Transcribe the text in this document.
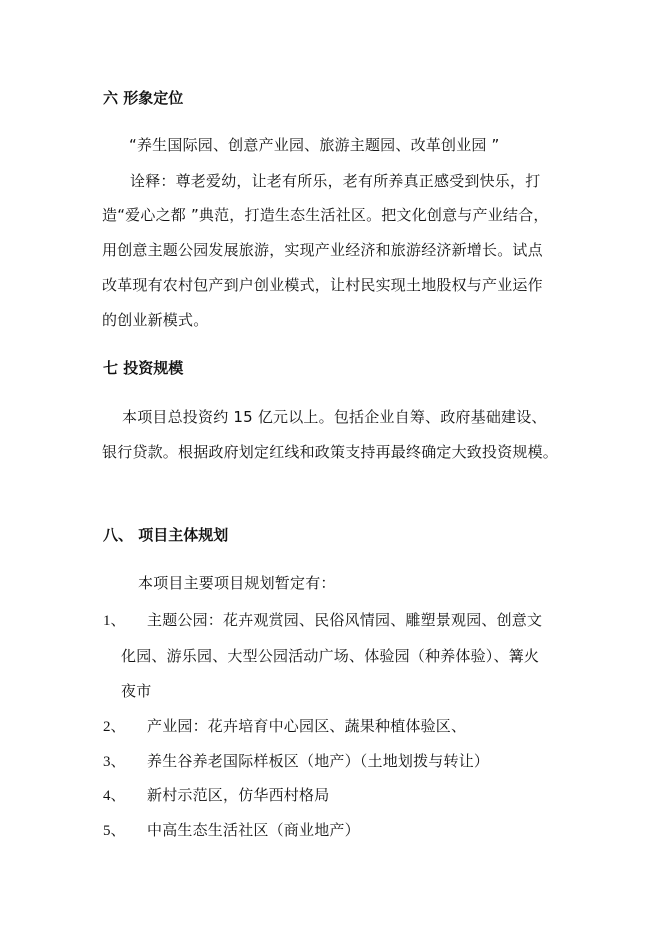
六 形象定位
“养生国际园、创意产业园、旅游主题园、改革创业园 ”
诠释：尊老爱幼，让老有所乐，老有所养真正感受到快乐，打
造“爱心之都 ”典范，打造生态生活社区。把文化创意与产业结合，
用创意主题公园发展旅游，实现产业经济和旅游经济新增长。试点
改革现有农村包产到户创业模式，让村民实现土地股权与产业运作
的创业新模式。
七 投资规模
本项目总投资约 15 亿元以上。包括企业自筹、政府基础建设、
银行贷款。根据政府划定红线和政策支持再最终确定大致投资规模。
八、 项目主体规划
本项目主要项目规划暂定有：
1、 主题公园：花卉观赏园、民俗风情园、雕塑景观园、创意文
化园、游乐园、大型公园活动广场、体验园（种养体验）、篝火
夜市
2、 产业园：花卉培育中心园区、蔬果种植体验区、
3、 养生谷养老国际样板区（地产）（土地划拨与转让）
4、 新村示范区，仿华西村格局
5、 中高生态生活社区（商业地产）
